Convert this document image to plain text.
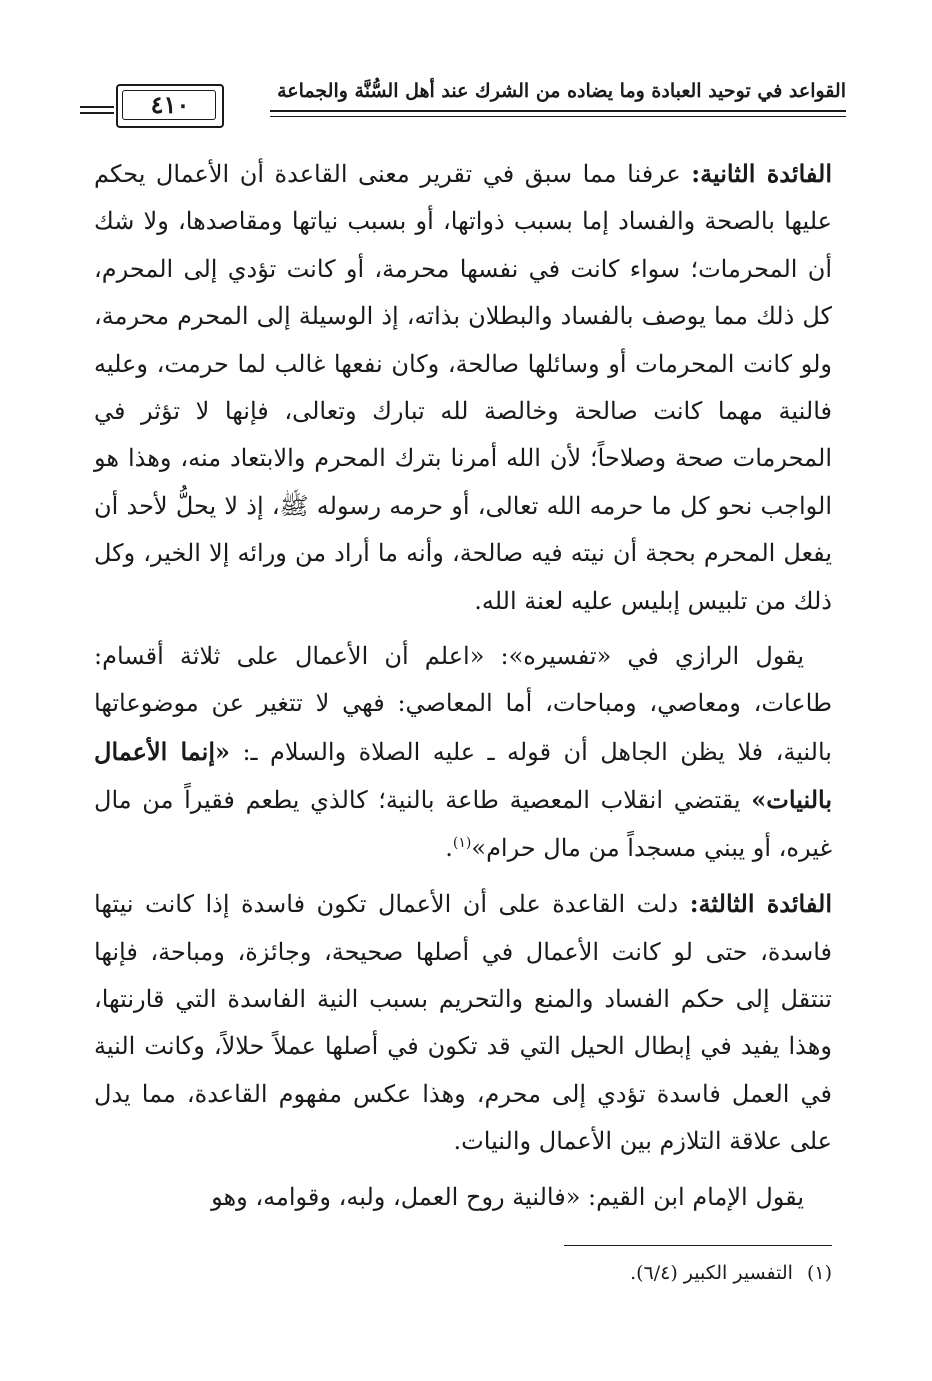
القواعد في توحيد العبادة وما يضاده من الشرك عند أهل السُّنَّة والجماعة
٤١٠

الفائدة الثانية: عرفنا مما سبق في تقرير معنى القاعدة أن الأعمال يحكم عليها بالصحة والفساد إما بسبب ذواتها، أو بسبب نياتها ومقاصدها، ولا شك أن المحرمات؛ سواء كانت في نفسها محرمة، أو كانت تؤدي إلى المحرم، كل ذلك مما يوصف بالفساد والبطلان بذاته، إذ الوسيلة إلى المحرم محرمة، ولو كانت المحرمات أو وسائلها صالحة، وكان نفعها غالب لما حرمت، وعليه فالنية مهما كانت صالحة وخالصة لله تبارك وتعالى، فإنها لا تؤثر في المحرمات صحة وصلاحاً؛ لأن الله أمرنا بترك المحرم والابتعاد منه، وهذا هو الواجب نحو كل ما حرمه الله تعالى، أو حرمه رسوله ﷺ، إذ لا يحلُّ لأحد أن يفعل المحرم بحجة أن نيته فيه صالحة، وأنه ما أراد من ورائه إلا الخير، وكل ذلك من تلبيس إبليس عليه لعنة الله.

يقول الرازي في «تفسيره»: «اعلم أن الأعمال على ثلاثة أقسام: طاعات، ومعاصي، ومباحات، أما المعاصي: فهي لا تتغير عن موضوعاتها بالنية، فلا يظن الجاهل أن قوله ـ عليه الصلاة والسلام ـ: «إنما الأعمال بالنيات» يقتضي انقلاب المعصية طاعة بالنية؛ كالذي يطعم فقيراً من مال غيره، أو يبني مسجداً من مال حرام»$^{(١)}$.

الفائدة الثالثة: دلت القاعدة على أن الأعمال تكون فاسدة إذا كانت نيتها فاسدة، حتى لو كانت الأعمال في أصلها صحيحة، وجائزة، ومباحة، فإنها تنتقل إلى حكم الفساد والمنع والتحريم بسبب النية الفاسدة التي قارنتها، وهذا يفيد في إبطال الحيل التي قد تكون في أصلها عملاً حلالاً، وكانت النية في العمل فاسدة تؤدي إلى محرم، وهذا عكس مفهوم القاعدة، مما يدل على علاقة التلازم بين الأعمال والنيات.

يقول الإمام ابن القيم: «فالنية روح العمل، ولبه، وقوامه، وهو

(١)التفسير الكبير (٦/٤).
